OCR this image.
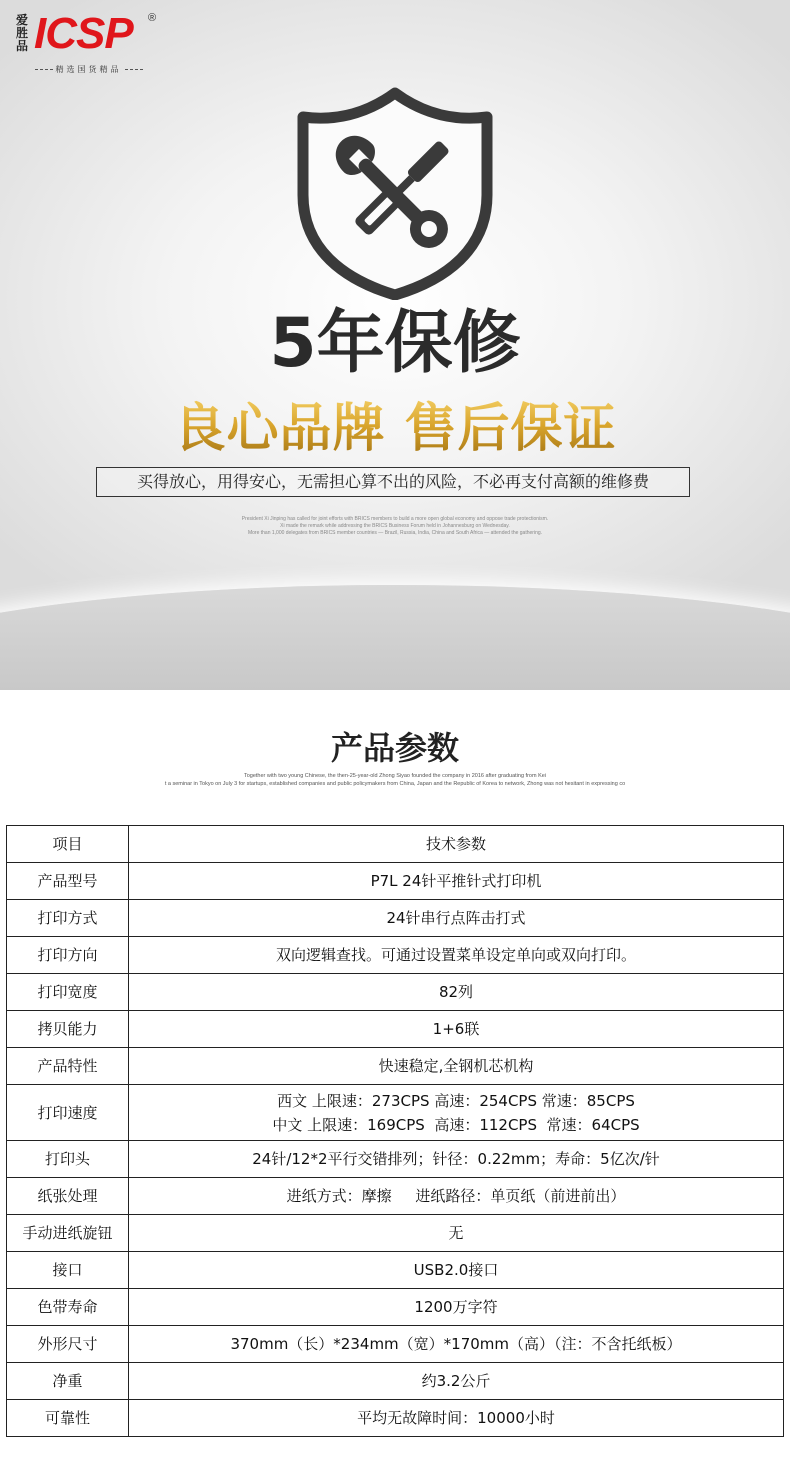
爱
胜
品 ICSP ®
精选国货精品
5年保修
良心品牌 售后保证
买得放心，用得安心，无需担心算不出的风险，不必再支付高额的维修费
President Xi Jinping has called for joint efforts with BRICS members to build a more open global economy and oppose trade protectionism.
Xi made the remark while addressing the BRICS Business Forum held in Johannesburg on Wednesday.
More than 1,000 delegates from BRICS member countries — Brazil, Russia, India, China and South Africa — attended the gathering.
产品参数
Together with two young Chinese, the then-25-year-old Zhong Siyao founded the company in 2016 after graduating from Kei
t a seminar in Tokyo on July 3 for startups, established companies and public policymakers from China, Japan and the Republic of Korea to network, Zhong was not hesitant in expressing co
项目	技术参数
产品型号	P7L 24针平推针式打印机

打印方式	24针串行点阵击打式

打印方向	双向逻辑查找。可通过设置菜单设定单向或双向打印。

打印宽度	82列

拷贝能力	1+6联

产品特性	快速稳定,全钢机芯机构

打印速度	西文 上限速：273CPS 高速：254CPS 常速：85CPS
中文 上限速：169CPS  高速：112CPS  常速：64CPS

打印头	24针/12*2平行交错排列；针径：0.22mm；寿命：5亿次/针

纸张处理	进纸方式：摩擦     进纸路径：单页纸（前进前出）

手动进纸旋钮	无

接口	USB2.0接口

色带寿命	1200万字符

外形尺寸	370mm（长）*234mm（宽）*170mm（高）（注：不含托纸板）

净重	约3.2公斤

可靠性	平均无故障时间：10000小时
